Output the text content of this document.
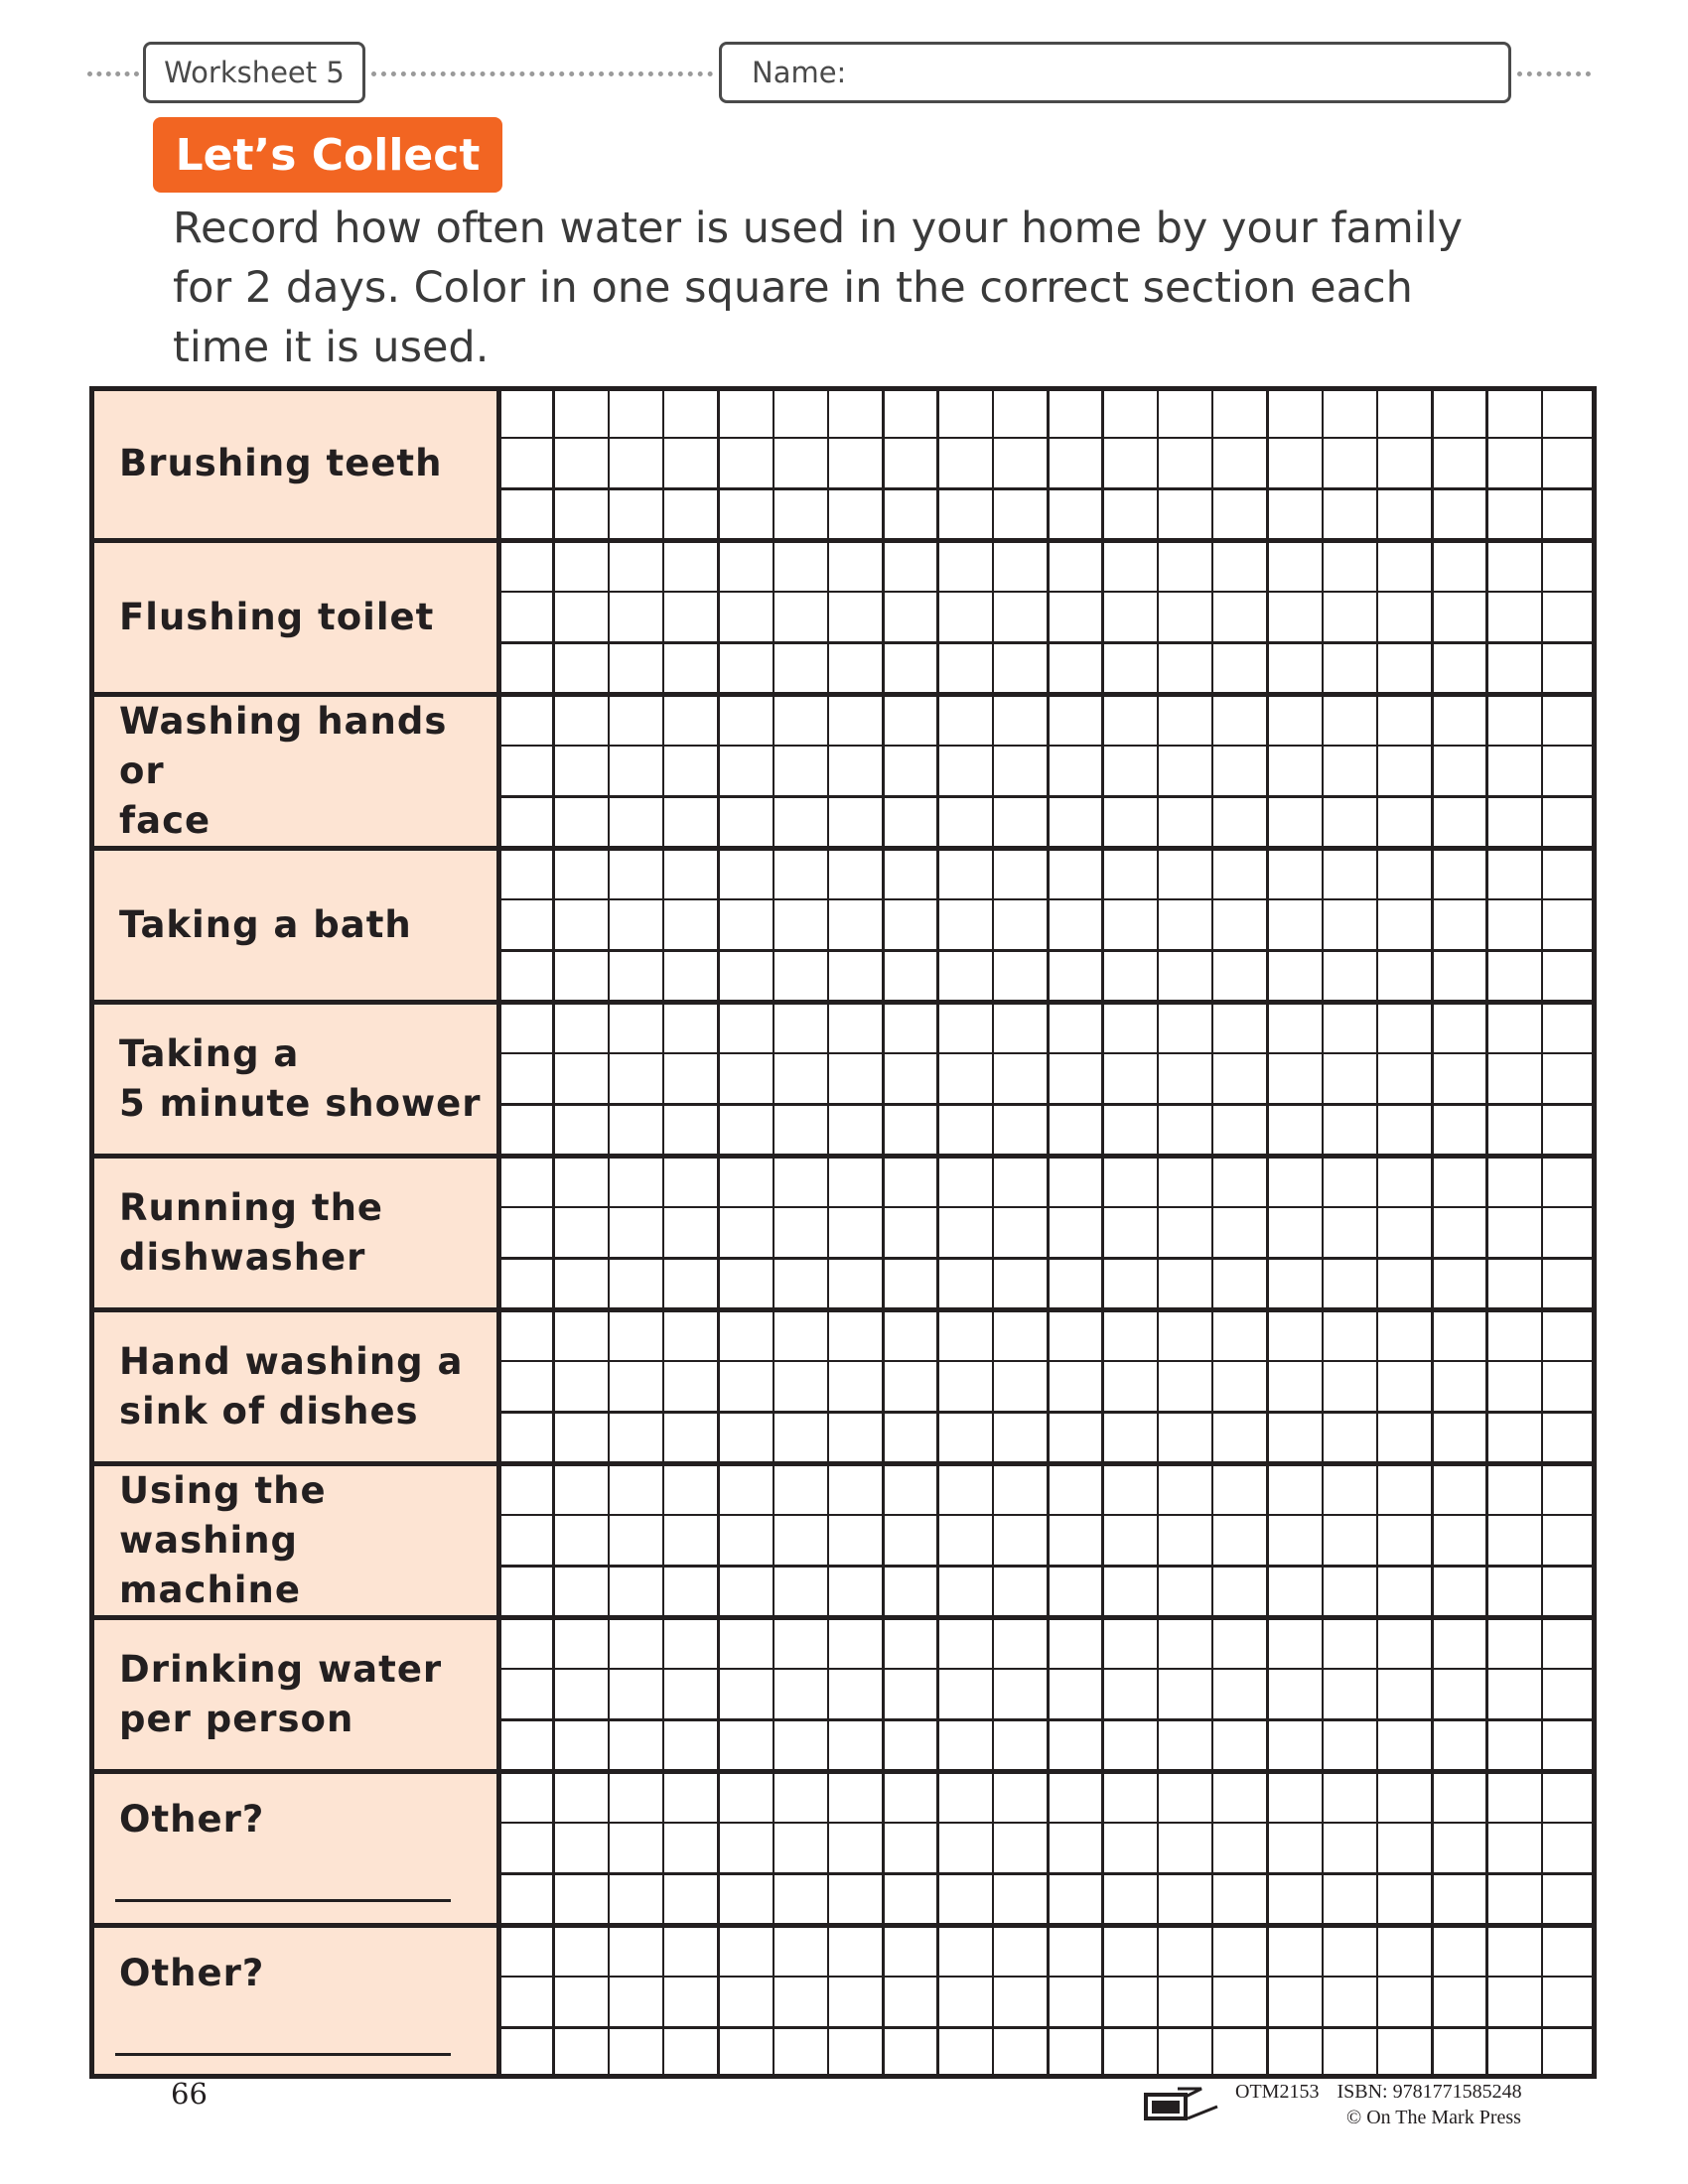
Worksheet 5	Name:
Let’s Collect

Record how often water is used in your home by your family for 2 days. Color in one square in the correct section each time it is used.

Brushing teeth
Flushing toilet
Washing hands or
face
Taking a bath
Taking a
5 minute shower
Running the
dishwasher
Hand washing a
sink of dishes
Using the
washing machine
Drinking water
per person
Other?
Other?
66	OTM2153 ISBN: 9781771585248
© On The Mark Press
